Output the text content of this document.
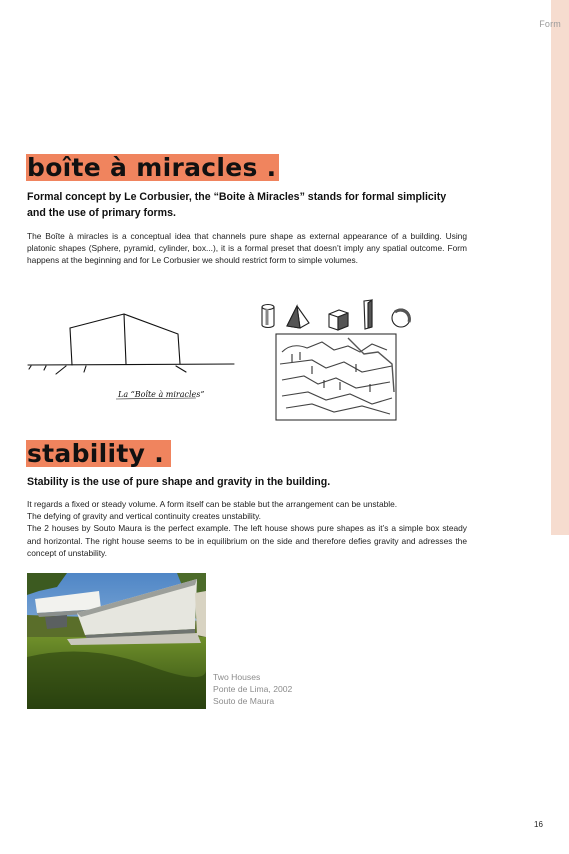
Form
boîte à miracles .
Formal concept by Le Corbusier, the “Boite à Miracles” stands for formal simplicity and the use of primary forms.
The Boîte à miracles is a conceptual idea that channels pure shape as external appearance of a building. Using platonic shapes (Sphere, pyramid, cylinder, box...), it is a formal preset that doesn’t imply any spatial outcome. Form happens at the beginning and for Le Corbusier we should restrict form to simple volumes.
La “Boîte à miracles”
stability .
Stability is the use of pure shape and gravity in the building.
It regards a fixed or steady volume. A form itself can be stable but the arrangement can be unstable.
The defying of gravity and vertical continuity creates unstability.
The 2 houses by Souto Maura is the perfect example. The left house shows pure shapes as it’s a simple box steady and horizontal. The right house seems to be in equilibrium on the side and therefore defies gravity and adresses the concept of unstability.
Two Houses
Ponte de Lima, 2002
Souto de Maura
16
